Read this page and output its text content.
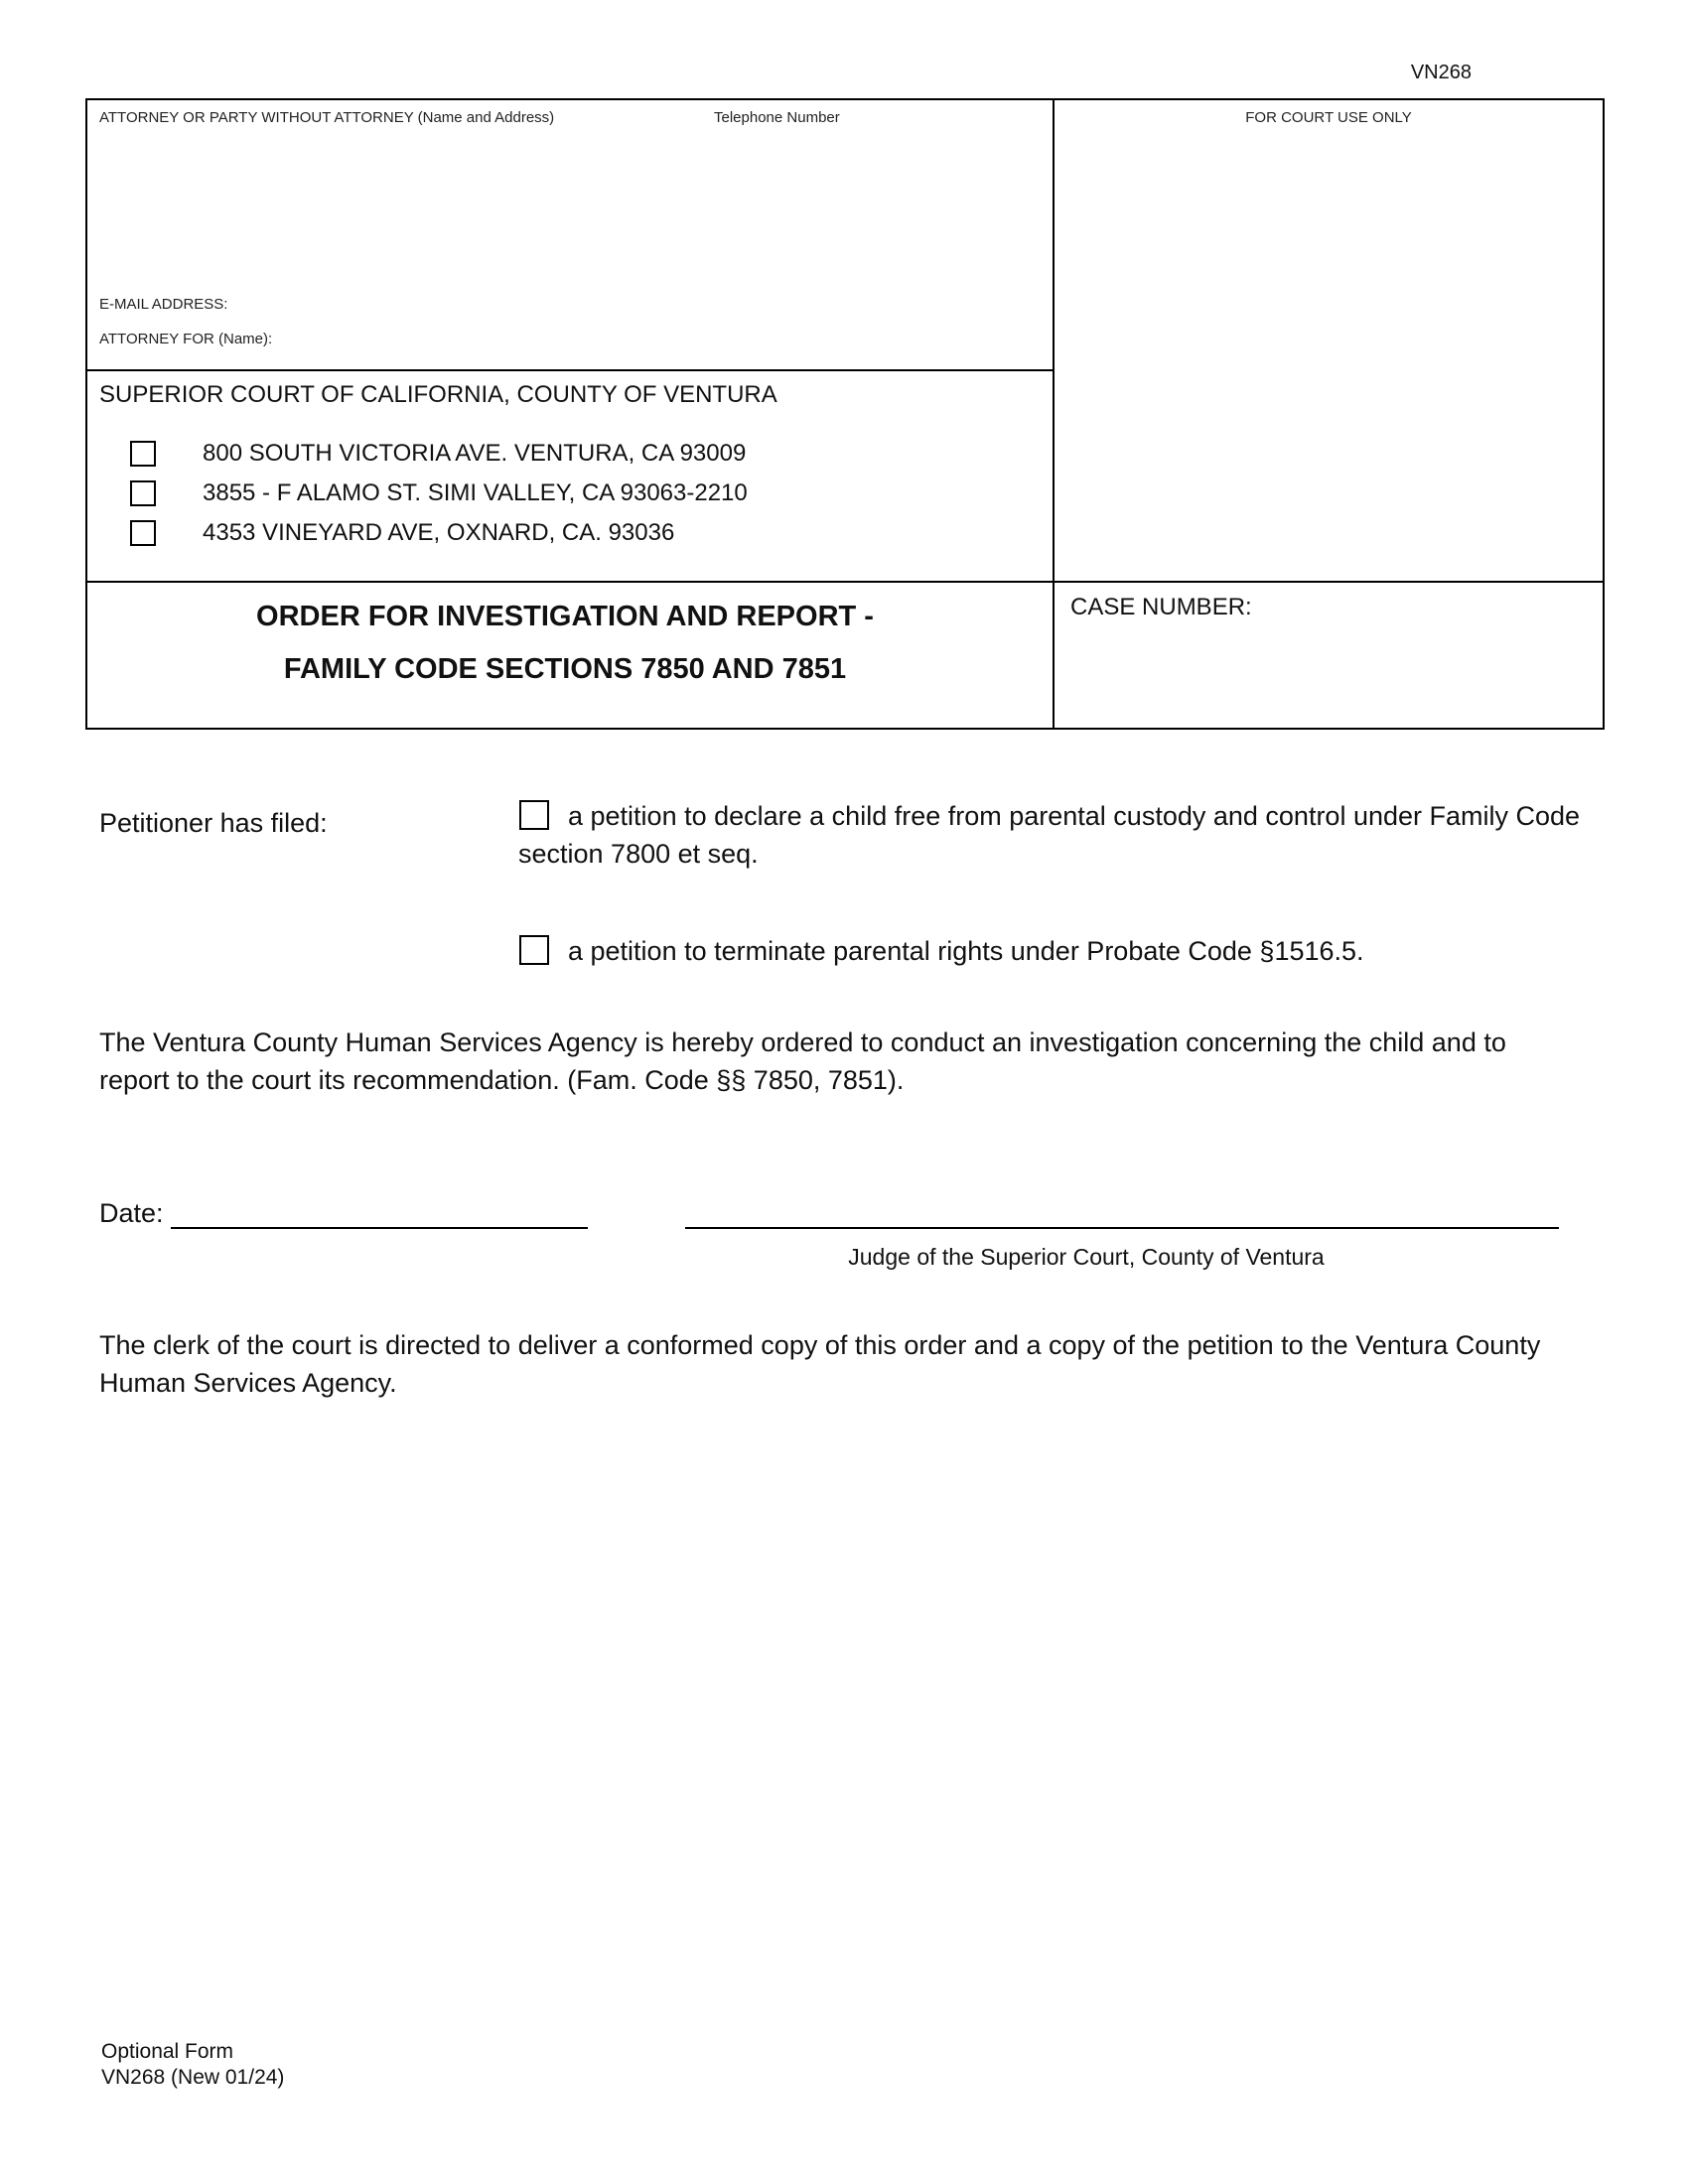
VN268
ATTORNEY OR PARTY WITHOUT ATTORNEY (Name and Address)	Telephone Number
E-MAIL ADDRESS:
ATTORNEY FOR (Name):
FOR COURT USE ONLY
SUPERIOR COURT OF CALIFORNIA, COUNTY OF VENTURA
800 SOUTH VICTORIA AVE. VENTURA, CA 93009
3855 - F ALAMO ST. SIMI VALLEY, CA 93063-2210
4353 VINEYARD AVE, OXNARD, CA. 93036
ORDER FOR INVESTIGATION AND REPORT -
FAMILY CODE SECTIONS 7850 AND 7851
CASE NUMBER:
Petitioner has filed:	a petition to declare a child free from parental custody and control under Family Code
section 7800 et seq.
a petition to terminate parental rights under Probate Code §1516.5.
The Ventura County Human Services Agency is hereby ordered to conduct an investigation concerning the child and to
report to the court its recommendation. (Fam. Code §§ 7850, 7851).
Date:
Judge of the Superior Court, County of Ventura
The clerk of the court is directed to deliver a conformed copy of this order and a copy of the petition to the Ventura County
Human Services Agency.
Optional Form
VN268 (New 01/24)
